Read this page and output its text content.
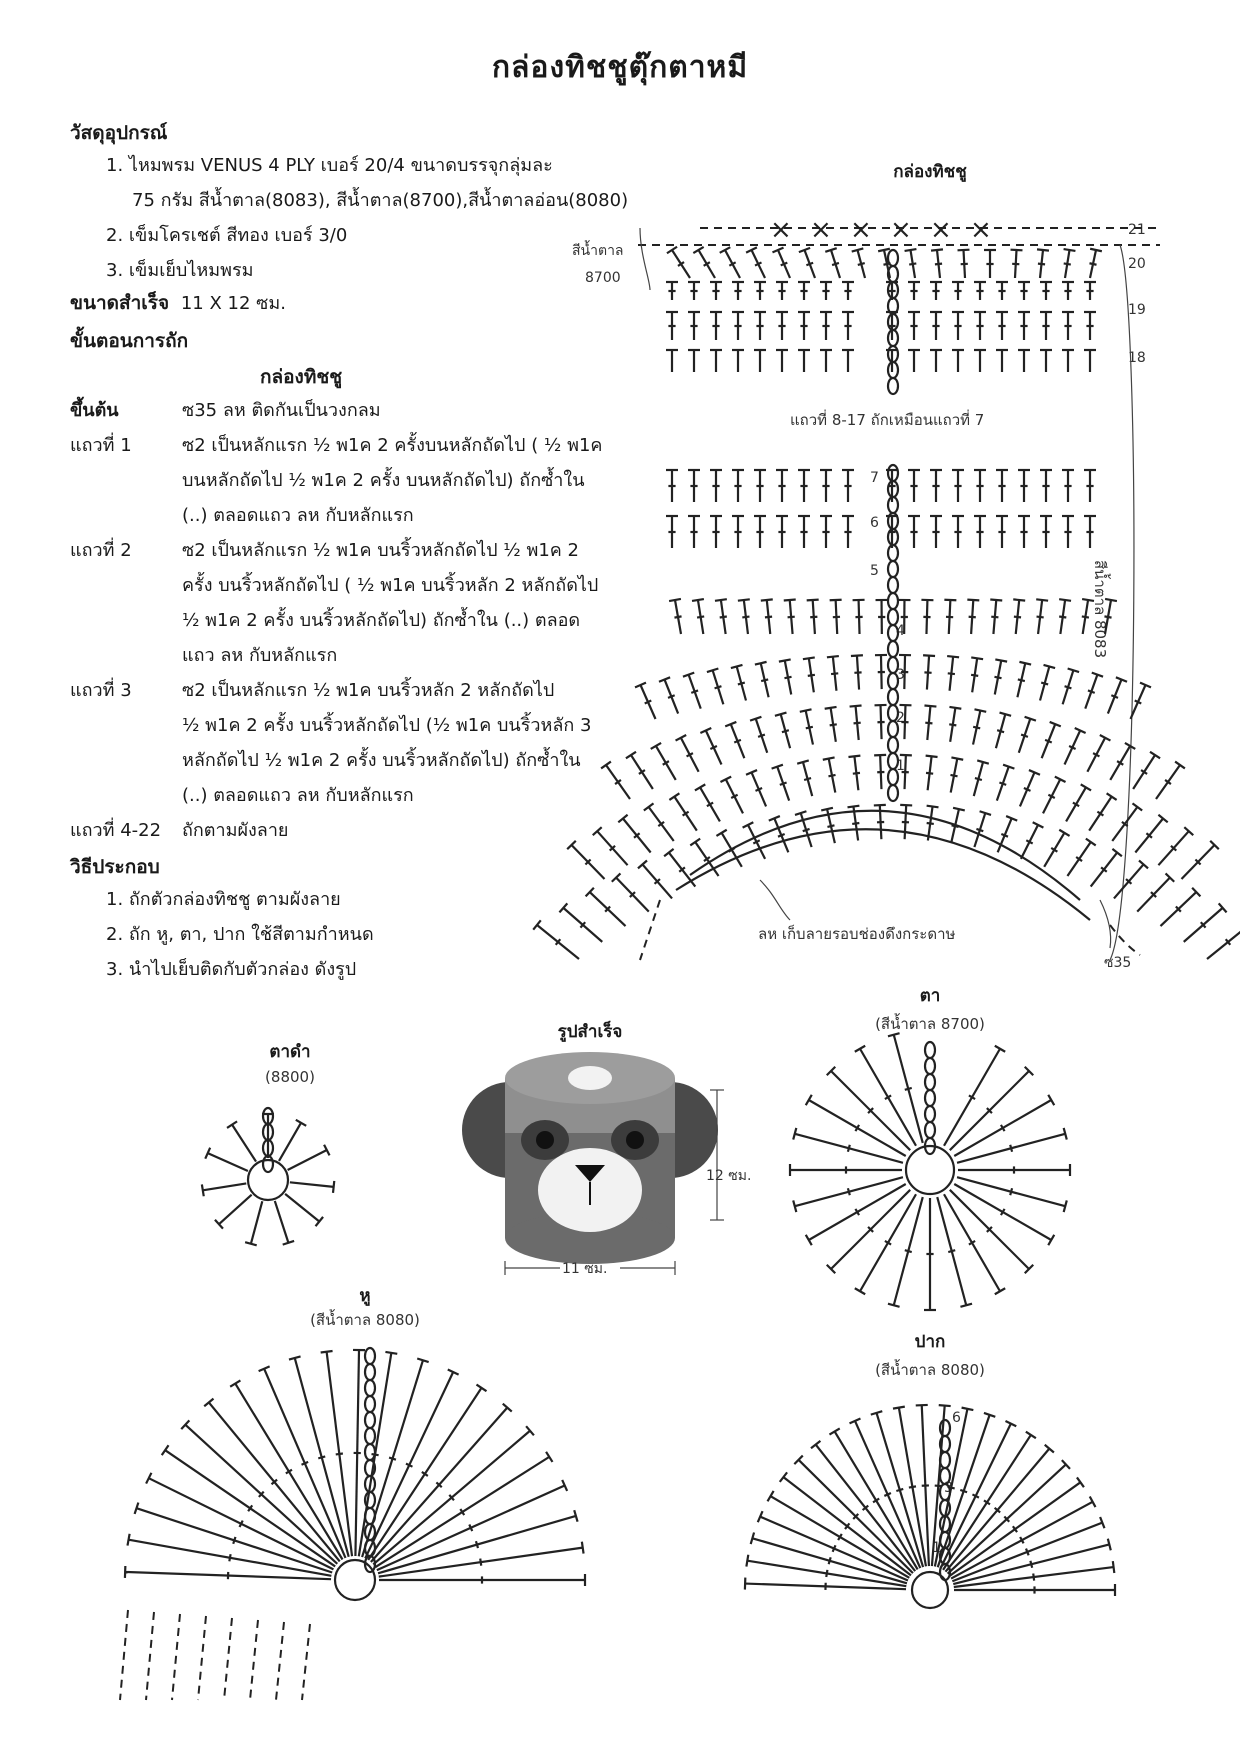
กล่องทิชชูตุ๊กตาหมี
วัสดุอุปกรณ์
1. ไหมพรม VENUS 4 PLY เบอร์ 20/4 ขนาดบรรจุกลุ่มละ
75 กรัม สีน้ำตาล(8083), สีน้ำตาล(8700),สีน้ำตาลอ่อน(8080)
2. เข็มโครเชต์ สีทอง เบอร์ 3/0
3. เข็มเย็บไหมพรม
ขนาดสำเร็จ 11 X 12 ซม.
ขั้นตอนการถัก
กล่องทิชชู
ขึ้นต้น	ซ35 ลห ติดกันเป็นวงกลม
แถวที่ 1	ซ2 เป็นหลักแรก ½ พ1ค 2 ครั้งบนหลักถัดไป ( ½ พ1ค
บนหลักถัดไป ½ พ1ค 2 ครั้ง บนหลักถัดไป) ถักซ้ำใน
(..) ตลอดแถว ลห กับหลักแรก
แถวที่ 2	ซ2 เป็นหลักแรก ½ พ1ค บนริ้วหลักถัดไป ½ พ1ค 2
ครั้ง บนริ้วหลักถัดไป ( ½ พ1ค บนริ้วหลัก 2 หลักถัดไป
½ พ1ค 2 ครั้ง บนริ้วหลักถัดไป) ถักซ้ำใน (..) ตลอด
แถว ลห กับหลักแรก
แถวที่ 3	ซ2 เป็นหลักแรก ½ พ1ค บนริ้วหลัก 2 หลักถัดไป
½ พ1ค 2 ครั้ง บนริ้วหลักถัดไป (½ พ1ค บนริ้วหลัก 3
หลักถัดไป ½ พ1ค 2 ครั้ง บนริ้วหลักถัดไป) ถักซ้ำใน
(..) ตลอดแถว ลห กับหลักแรก
แถวที่ 4-22 ถักตามผังลาย
วิธีประกอบ
1. ถักตัวกล่องทิชชู ตามผังลาย
2. ถัก หู, ตา, ปาก ใช้สีตามกำหนด
3. นำไปเย็บติดกับตัวกล่อง ดังรูป
กล่องทิชชู
สีน้ำตาล
8700
21
20
19
18
แถวที่ 8-17 ถักเหมือนแถวที่ 7
สีน้ำตาล 8083
ลห เก็บลายรอบช่องดึงกระดาษ
ซ35
7
6
5
4
3
2
1
⨯ ⨯ ⨯ ⨯ ⨯ ⨯
ตาดำ
(8800)
รูปสำเร็จ
12 ซม.
11 ซม.
ตา
(สีน้ำตาล 8700)
หู
(สีน้ำตาล 8080)
ปาก
(สีน้ำตาล 8080)
6
3
1
